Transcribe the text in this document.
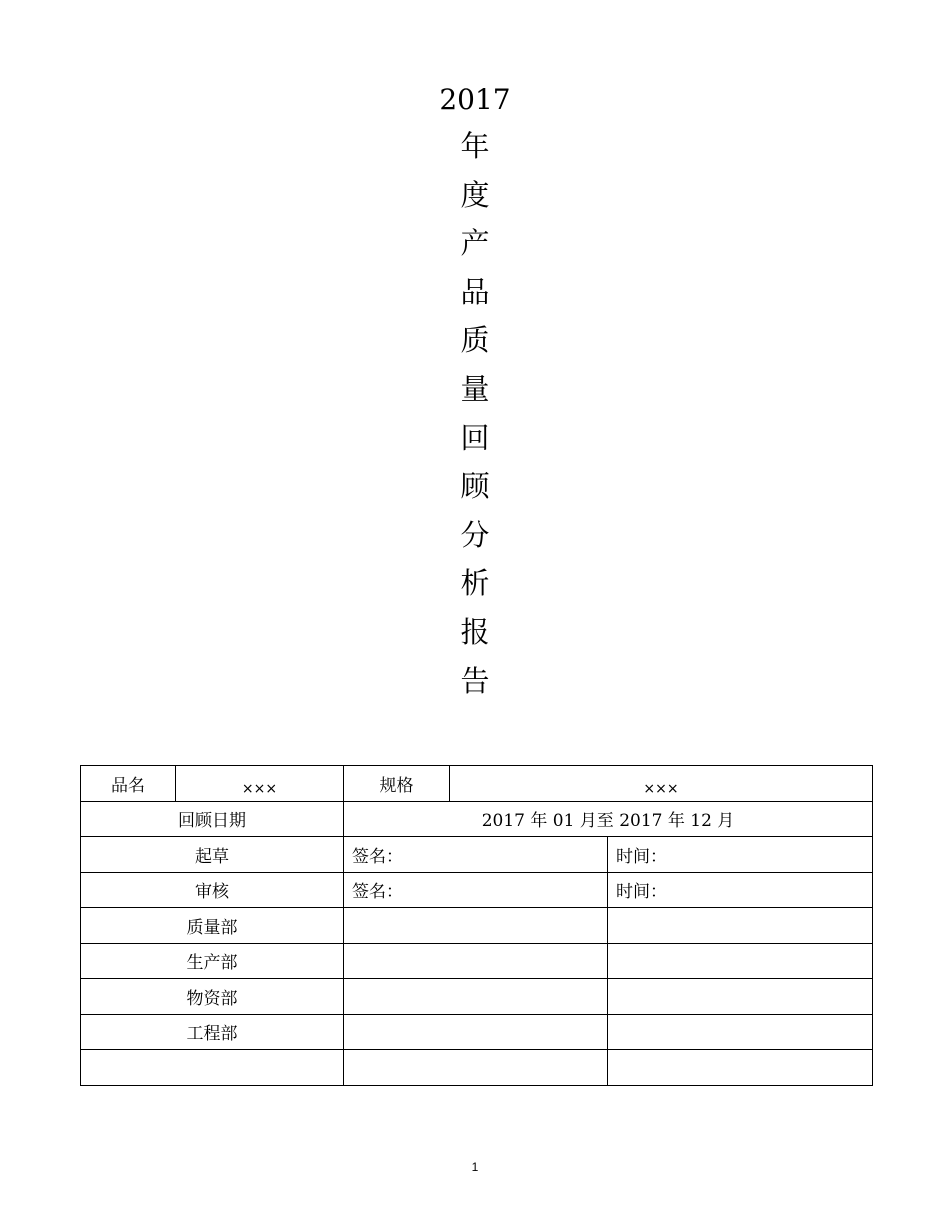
2017
年
度
产
品
质
量
回
顾
分
析
报
告
品名	$_{\times\times\times}$	规格	$_{\times\times\times}$
回顾日期		2017 年 01 月至 2017 年 12 月		
起草		签名：		时间：
审核		签名：		时间：
质量部				
生产部				
物资部				
工程部				

1
